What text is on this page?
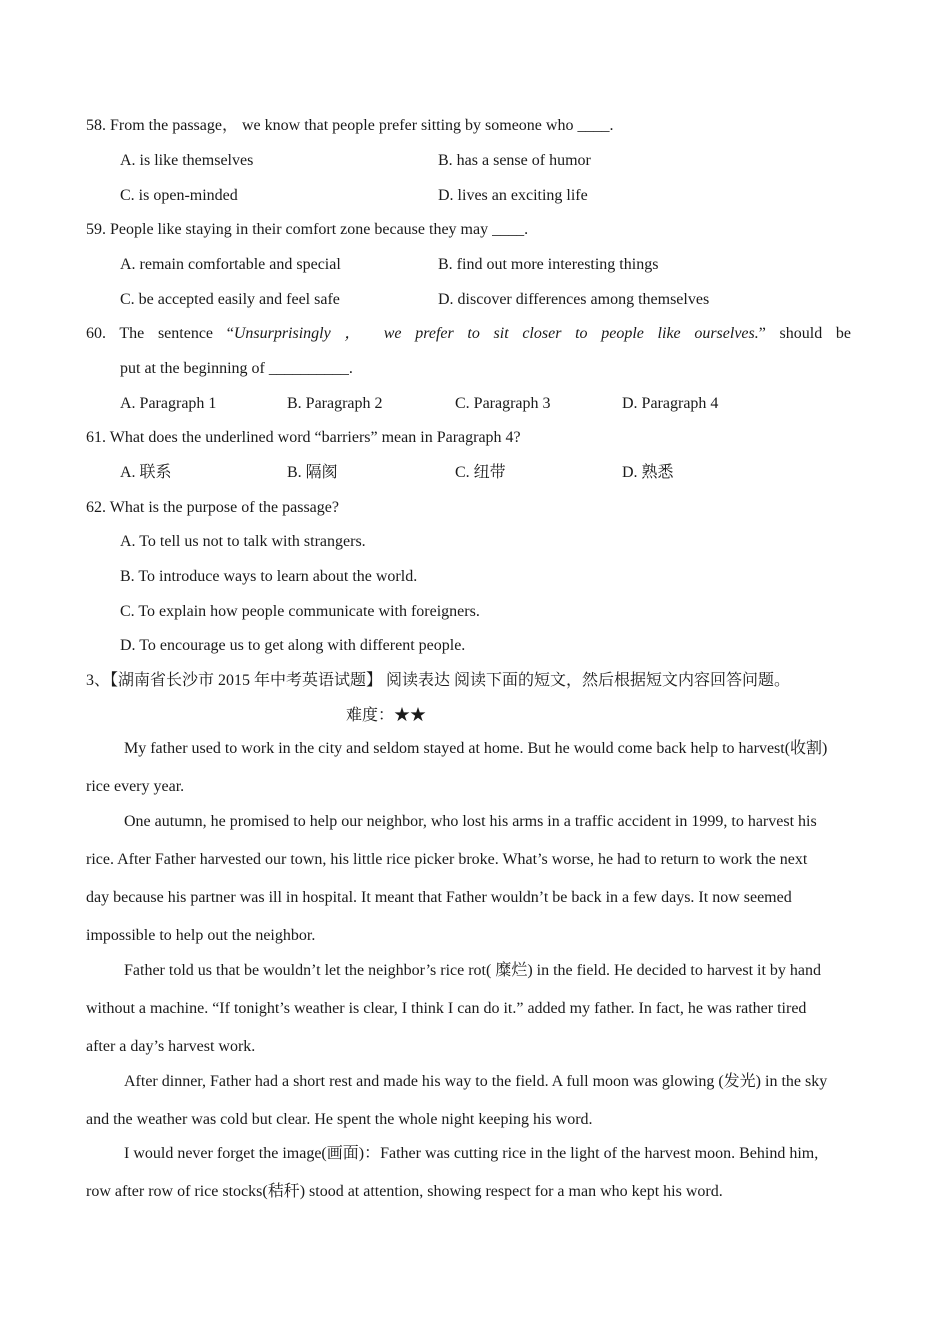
58. From the passage， we know that people prefer sitting by someone who ____.
A. is like themselves	B. has a sense of humor
C. is open-minded	D. lives an exciting life
59. People like staying in their comfort zone because they may ____.
A. remain comfortable and special	B. find out more interesting things
C. be accepted easily and feel safe	D. discover differences among themselves
60. The sentence “Unsurprisingly ， we prefer to sit closer to people like ourselves.” should be
put at the beginning of __________.
A. Paragraph 1	B. Paragraph 2	C. Paragraph 3	D. Paragraph 4
61. What does the underlined word “barriers” mean in Paragraph 4?
A. 联系	B. 隔阂	C. 纽带	D. 熟悉
62. What is the purpose of the passage?
A. To tell us not to talk with strangers.
B. To introduce ways to learn about the world.
C. To explain how people communicate with foreigners.
D. To encourage us to get along with different people.
3、【湖南省长沙市 2015 年中考英语试题】 阅读表达 阅读下面的短文，然后根据短文内容回答问题。
难度：★★
My father used to work in the city and seldom stayed at home. But he would come back help to harvest(收割)
rice every year.
One autumn, he promised to help our neighbor, who lost his arms in a traffic accident in 1999, to harvest his
rice. After Father harvested our town, his little rice picker broke. What’s worse, he had to return to work the next
day because his partner was ill in hospital. It meant that Father wouldn’t be back in a few days. It now seemed
impossible to help out the neighbor.
Father told us that be wouldn’t let the neighbor’s rice rot( 糜烂) in the field. He decided to harvest it by hand
without a machine. “If tonight’s weather is clear, I think I can do it.” added my father. In fact, he was rather tired
after a day’s harvest work.
After dinner, Father had a short rest and made his way to the field. A full moon was glowing (发光) in the sky
and the weather was cold but clear. He spent the whole night keeping his word.
I would never forget the image(画面)：Father was cutting rice in the light of the harvest moon. Behind him,
row after row of rice stocks(秸秆) stood at attention, showing respect for a man who kept his word.
